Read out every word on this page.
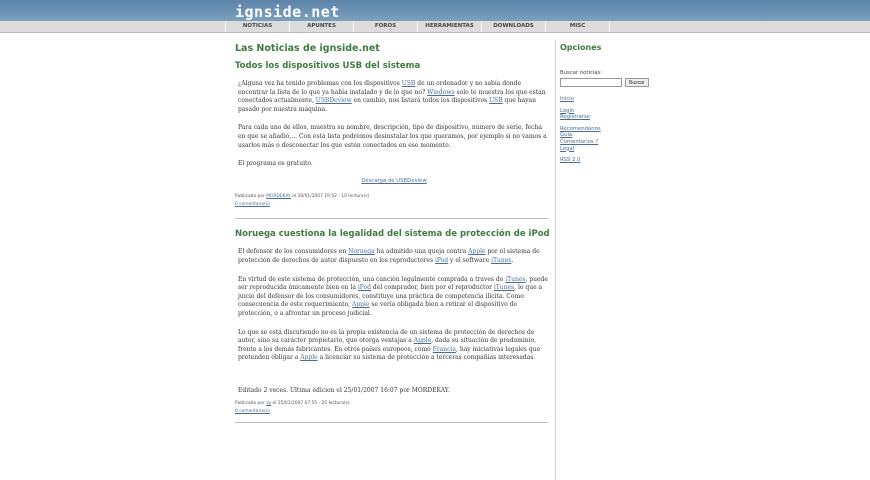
ignside.net
NOTICIAS	APUNTES	FOROS	HERRAMIENTAS	DOWNLOADS	MISC
Las Noticias de ignside.net
Todos los dispositivos USB del sistema

¿Alguna vez ha tenido problemas con los dispositivos USB de un ordenador y no sabía donde encontrar la lista de lo que ya había instalado y de lo que no? Windows solo te muestra los que están conectados actualmente, USBDeview en cambio, nos listará todos los dispositivos USB que hayan pasado por nuestra máquina.

Para cada uno de ellos, muestra su nombre, descripción, tipo de dispositivo, número de serie, fecha en que se añadió,... Con esta lista podremos desinstalar los que queramos, por ejemplo si no vamos a usarlos más o desconectar los que estén conectados en ese momento.

El programa es gratuito.

Descarga de USBDeview

Publicado por MORDEKAY el 30/01/2007 19:52 - 10 lectura(s)

0 comentario(s)

Noruega cuestiona la legalidad del sistema de protección de iPod

El defensor de los consumidores en Noruega ha admitido una queja contra Apple por el sistema de protección de derechos de autor dispuesto en los reproductores iPod y el software iTunes.

En virtud de este sistema de protección, una canción legalmente comprada a traves de iTunes, puede ser reproducida únicamente bien en la iPod del comprador, bien por el reproductor iTunes, lo que a juicio del defensor de los consumidores, constituye una práctica de competencia ilícita. Como consecuencia de este requerimiento, Apple se vería obligada bien a retirar el dispositivo de protección, o a afrontar un proceso judicial.

Lo que se está discutiendo no es la propia existencia de un sistema de protección de derechos de autor, sino su carácter propietario, que otorga ventajas a Apple, dada su situación de predominio, frente a los demás fabricantes. En otros países europeos, como Francia, hay iniciativas legales que pretenden obligar a Apple a licenciar su sistema de protección a terceras compañías interesadas.

Editado 2 veces. Ultima edicion el 25/01/2007 16:07 por MORDEKAY.

Publicado por zy el 25/01/2007 07:55 - 25 lectura(s)

0 comentario(s)

Opciones
Buscar noticias:
Buscar
Inicio
Login
Registrarse
Recomendanos
Guia
Comentarios ?
Legal
RSS 2.0
